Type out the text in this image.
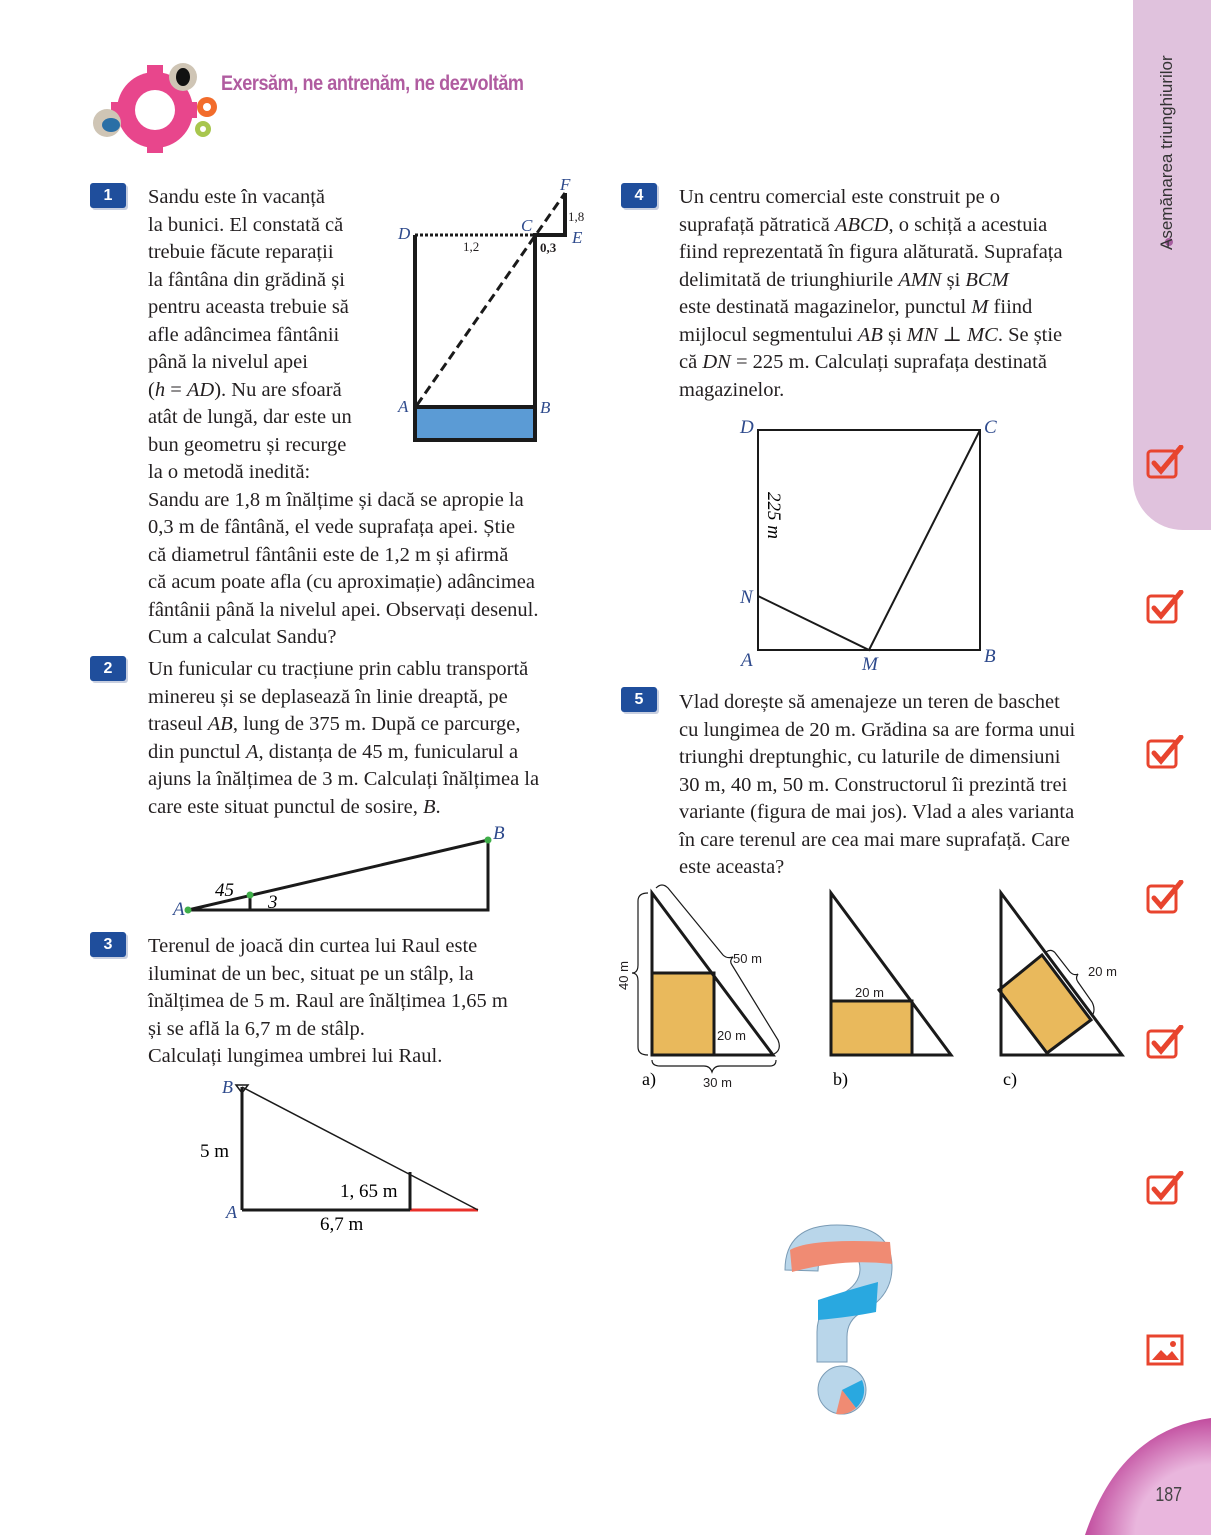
Exersăm, ne antrenăm, ne dezvoltăm	Asemănarea triunghiurilor
1	Sandu este în vacanță
la bunici. El constată că
trebuie făcute reparații
la fântâna din grădină și
pentru aceasta trebuie să
afle adâncimea fântânii
până la nivelul apei
(h = AD). Nu are sfoară
atât de lungă, dar este un
bun geometru și recurge
la o metodă inedită:
Sandu are 1,8 m înălțime și dacă se apropie la
0,3 m de fântână, el vede suprafața apei. Știe
că diametrul fântânii este de 1,2 m și afirmă
că acum poate afla (cu aproximație) adâncimea
fântânii până la nivelul apei. Observați desenul.
Cum a calculat Sandu?
2	Un funicular cu tracțiune prin cablu transportă
minereu și se deplasează în linie dreaptă, pe
traseul AB, lung de 375 m. După ce parcurge,
din punctul A, distanța de 45 m, funicularul a
ajuns la înălțimea de 3 m. Calculați înălțimea la
care este situat punctul de sosire, B.
3	Terenul de joacă din curtea lui Raul este
iluminat de un bec, situat pe un stâlp, la
înălțimea de 5 m. Raul are înălțimea 1,65 m
și se află la 6,7 m de stâlp.
Calculați lungimea umbrei lui Raul.
4	Un centru comercial este construit pe o
suprafață pătratică ABCD, o schiță a acestuia
fiind reprezentată în figura alăturată. Suprafața
delimitată de triunghiurile AMN și BCM
este destinată magazinelor, punctul M fiind
mijlocul segmentului AB și MN ⊥ MC. Se știe
că DN = 225 m. Calculați suprafața destinată
magazinelor.
5	Vlad dorește să amenajeze un teren de baschet
cu lungimea de 20 m. Grădina sa are forma unui
triunghi dreptunghic, cu laturile de dimensiuni
30 m, 40 m, 50 m. Constructorul îi prezintă trei
variante (figura de mai jos). Vlad a ales varianta
în care terenul are cea mai mare suprafață. Care
este aceasta?
D	C
E
F
A	B
1,2	0,3
1,8
A
B
45
3
B
A
5 m
1, 65 m
6,7 m
D	C
N
A	M	B
225 m
40 m
50 m
20 m
30 m
a)
20 m
b)
20 m
c)
187
